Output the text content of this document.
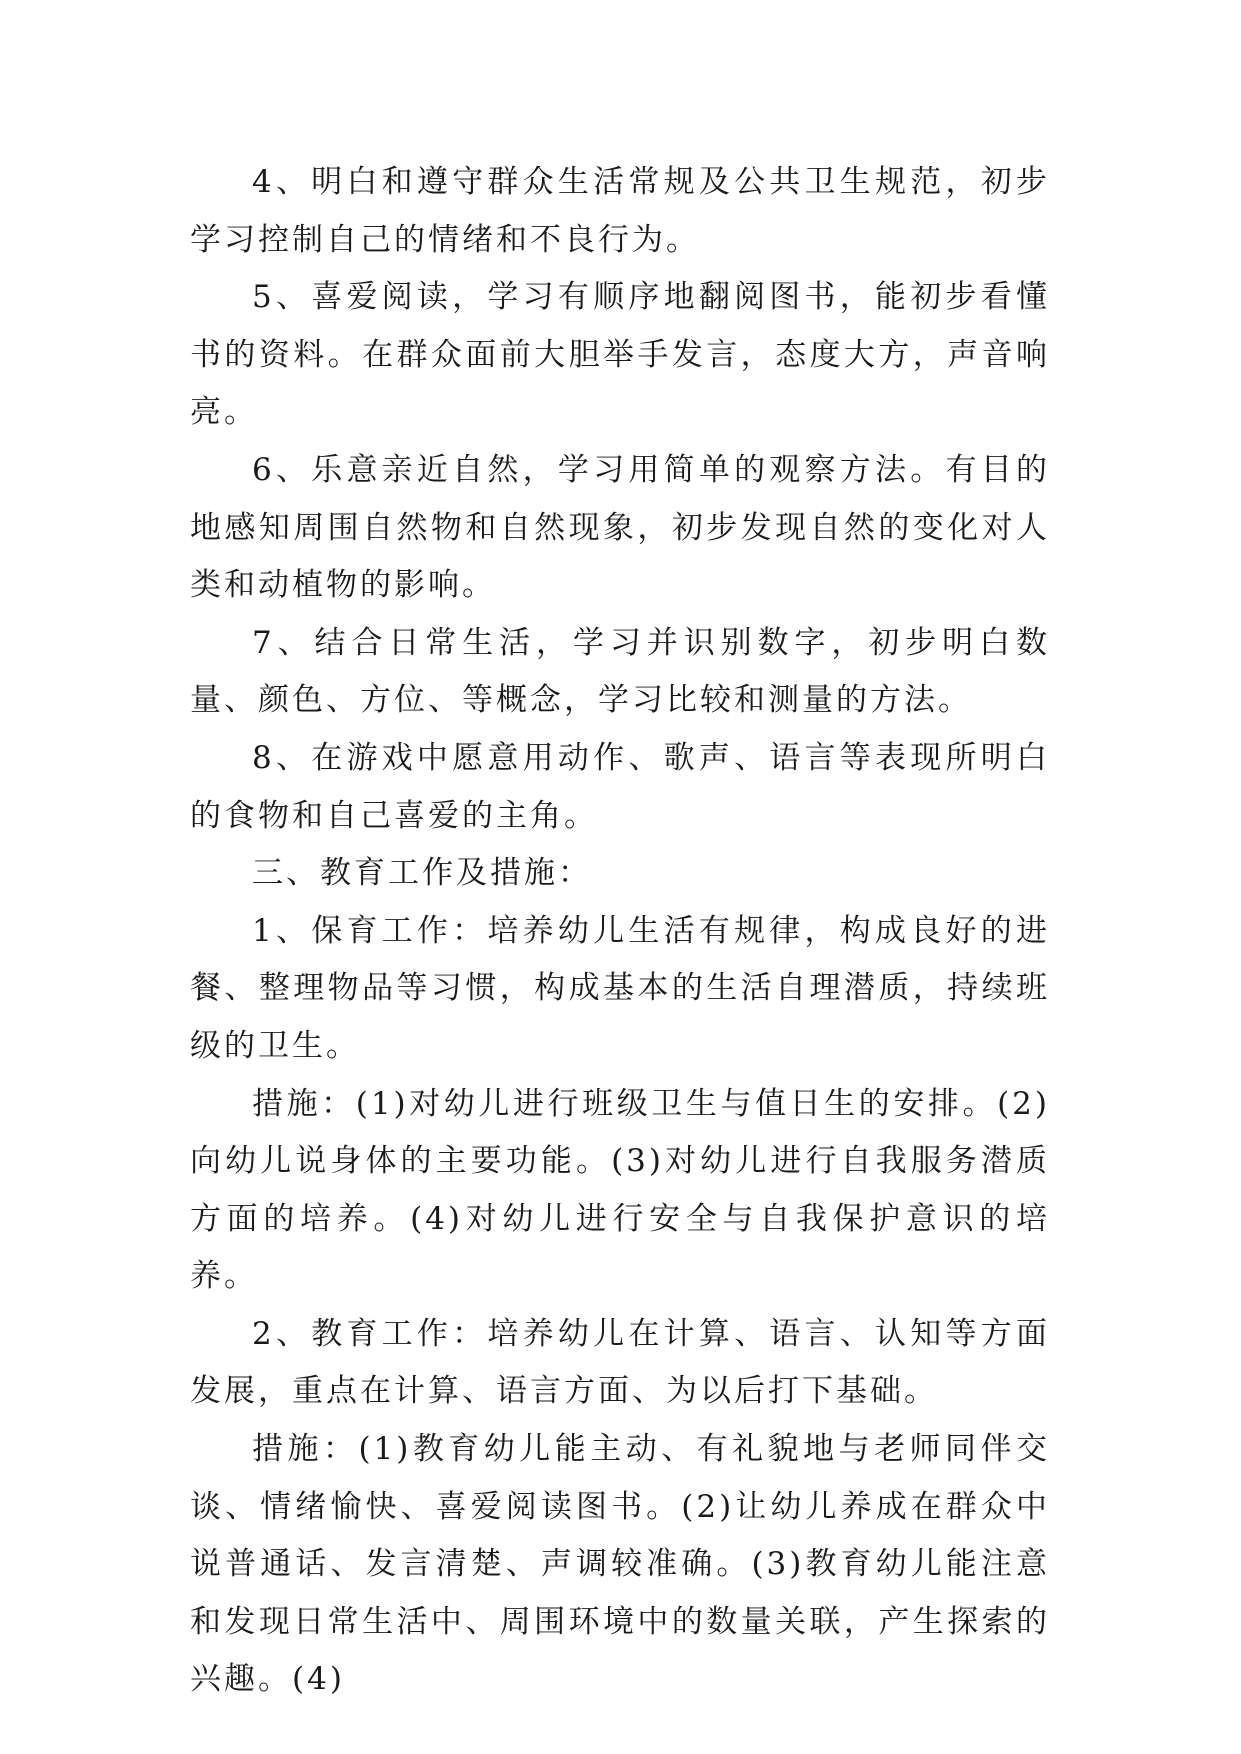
4、明白和遵守群众生活常规及公共卫生规范，初步学习控制自己的情绪和不良行为。

5、喜爱阅读，学习有顺序地翻阅图书，能初步看懂书的资料。在群众面前大胆举手发言，态度大方，声音响亮。

6、乐意亲近自然，学习用简单的观察方法。有目的地感知周围自然物和自然现象，初步发现自然的变化对人类和动植物的影响。

7、结合日常生活，学习并识别数字，初步明白数量、颜色、方位、等概念，学习比较和测量的方法。

8、在游戏中愿意用动作、歌声、语言等表现所明白的食物和自己喜爱的主角。

三、教育工作及措施：

1、保育工作：培养幼儿生活有规律，构成良好的进餐、整理物品等习惯，构成基本的生活自理潜质，持续班级的卫生。

措施：(1)对幼儿进行班级卫生与值日生的安排。(2)向幼儿说身体的主要功能。(3)对幼儿进行自我服务潜质方面的培养。(4)对幼儿进行安全与自我保护意识的培养。

2、教育工作：培养幼儿在计算、语言、认知等方面发展，重点在计算、语言方面、为以后打下基础。

措施：(1)教育幼儿能主动、有礼貌地与老师同伴交谈、情绪愉快、喜爱阅读图书。(2)让幼儿养成在群众中说普通话、发言清楚、声调较准确。(3)教育幼儿能注意和发现日常生活中、周围环境中的数量关联，产生探索的兴趣。(4)
